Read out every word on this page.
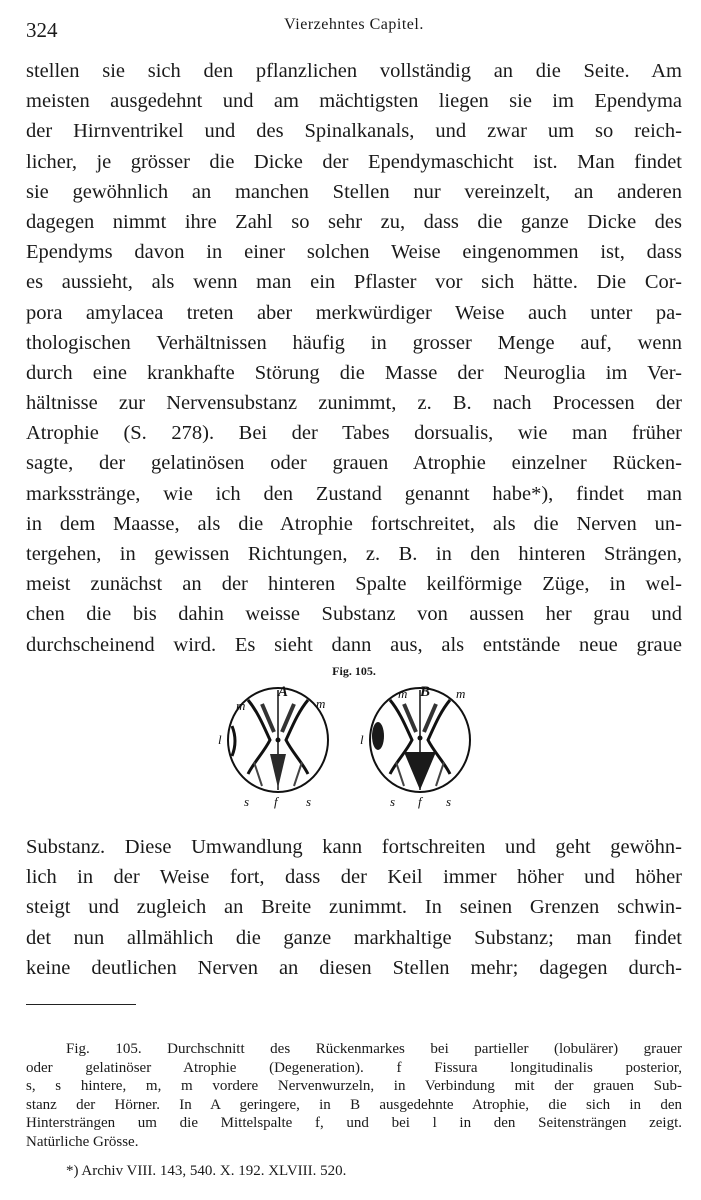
324	Vierzehntes Capitel.
stellen sie sich den pflanzlichen vollständig an die Seite. Am
meisten ausgedehnt und am mächtigsten liegen sie im Ependyma
der Hirnventrikel und des Spinalkanals, und zwar um so reich-
licher, je grösser die Dicke der Ependymaschicht ist. Man findet
sie gewöhnlich an manchen Stellen nur vereinzelt, an anderen
dagegen nimmt ihre Zahl so sehr zu, dass die ganze Dicke des
Ependyms davon in einer solchen Weise eingenommen ist, dass
es aussieht, als wenn man ein Pflaster vor sich hätte. Die Cor-
pora amylacea treten aber merkwürdiger Weise auch unter pa-
thologischen Verhältnissen häufig in grosser Menge auf, wenn
durch eine krankhafte Störung die Masse der Neuroglia im Ver-
hältnisse zur Nervensubstanz zunimmt, z. B. nach Processen der
Atrophie (S. 278). Bei der Tabes dorsualis, wie man früher
sagte, der gelatinösen oder grauen Atrophie einzelner Rücken-
marksstränge, wie ich den Zustand genannt habe*), findet man
in dem Maasse, als die Atrophie fortschreitet, als die Nerven un-
tergehen, in gewissen Richtungen, z. B. in den hinteren Strängen,
meist zunächst an der hinteren Spalte keilförmige Züge, in wel-
chen die bis dahin weisse Substanz von aussen her grau und
durchscheinend wird. Es sieht dann aus, als entstände neue graue
Fig. 105.
A
m	m
l
s f s
B
m	m
l
s f s
Substanz. Diese Umwandlung kann fortschreiten und geht gewöhn-
lich in der Weise fort, dass der Keil immer höher und höher
steigt und zugleich an Breite zunimmt. In seinen Grenzen schwin-
det nun allmählich die ganze markhaltige Substanz; man findet
keine deutlichen Nerven an diesen Stellen mehr; dagegen durch-
Fig. 105. Durchschnitt des Rückenmarkes bei partieller (lobulärer) grauer
oder gelatinöser Atrophie (Degeneration). f Fissura longitudinalis posterior,
s, s hintere, m, m vordere Nervenwurzeln, in Verbindung mit der grauen Sub-
stanz der Hörner. In A geringere, in B ausgedehnte Atrophie, die sich in den
Hintersträngen um die Mittelspalte f, und bei l in den Seitensträngen zeigt.
Natürliche Grösse.
*) Archiv VIII. 143, 540. X. 192. XLVIII. 520.
